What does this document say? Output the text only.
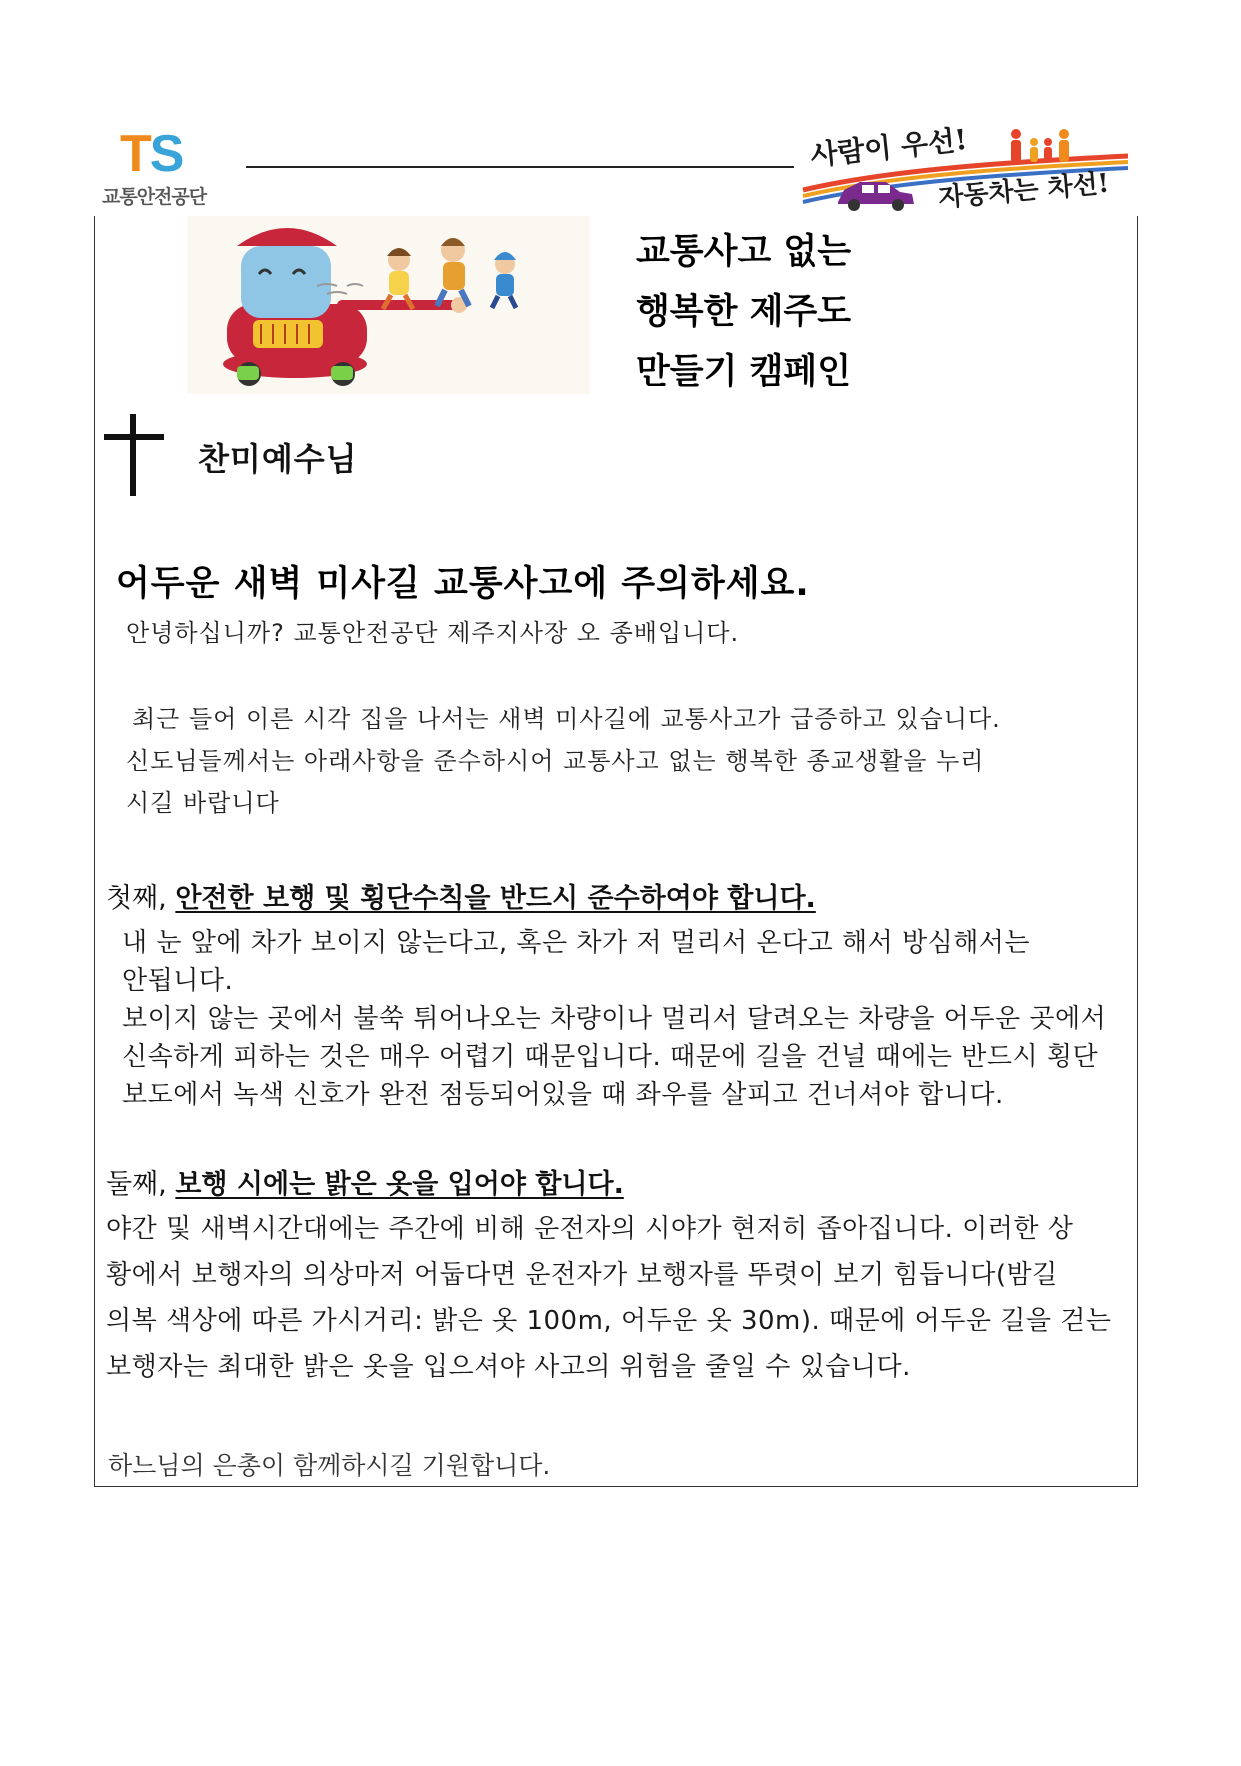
TS
교통안전공단
사람이 우선!
자동차는 차선!
교통사고 없는
행복한 제주도
만들기 캠페인
찬미예수님
어두운 새벽 미사길 교통사고에 주의하세요.
안녕하십니까? 교통안전공단 제주지사장 오 종배입니다.
최근 들어 이른 시각 집을 나서는 새벽 미사길에 교통사고가 급증하고 있습니다.
신도님들께서는 아래사항을 준수하시어 교통사고 없는 행복한 종교생활을 누리
시길 바랍니다
첫째, 안전한 보행 및 횡단수칙을 반드시 준수하여야 합니다.
내 눈 앞에 차가 보이지 않는다고, 혹은 차가 저 멀리서 온다고 해서 방심해서는
안됩니다.
보이지 않는 곳에서 불쑥 튀어나오는 차량이나 멀리서 달려오는 차량을 어두운 곳에서
신속하게 피하는 것은 매우 어렵기 때문입니다. 때문에 길을 건널 때에는 반드시 횡단
보도에서 녹색 신호가 완전 점등되어있을 때 좌우를 살피고 건너셔야 합니다.
둘째, 보행 시에는 밝은 옷을 입어야 합니다.
야간 및 새벽시간대에는 주간에 비해 운전자의 시야가 현저히 좁아집니다. 이러한 상
황에서 보행자의 의상마저 어둡다면 운전자가 보행자를 뚜렷이 보기 힘듭니다(밤길
의복 색상에 따른 가시거리: 밝은 옷 100m, 어두운 옷 30m). 때문에 어두운 길을 걷는
보행자는 최대한 밝은 옷을 입으셔야 사고의 위험을 줄일 수 있습니다.
하느님의 은총이 함께하시길 기원합니다.
